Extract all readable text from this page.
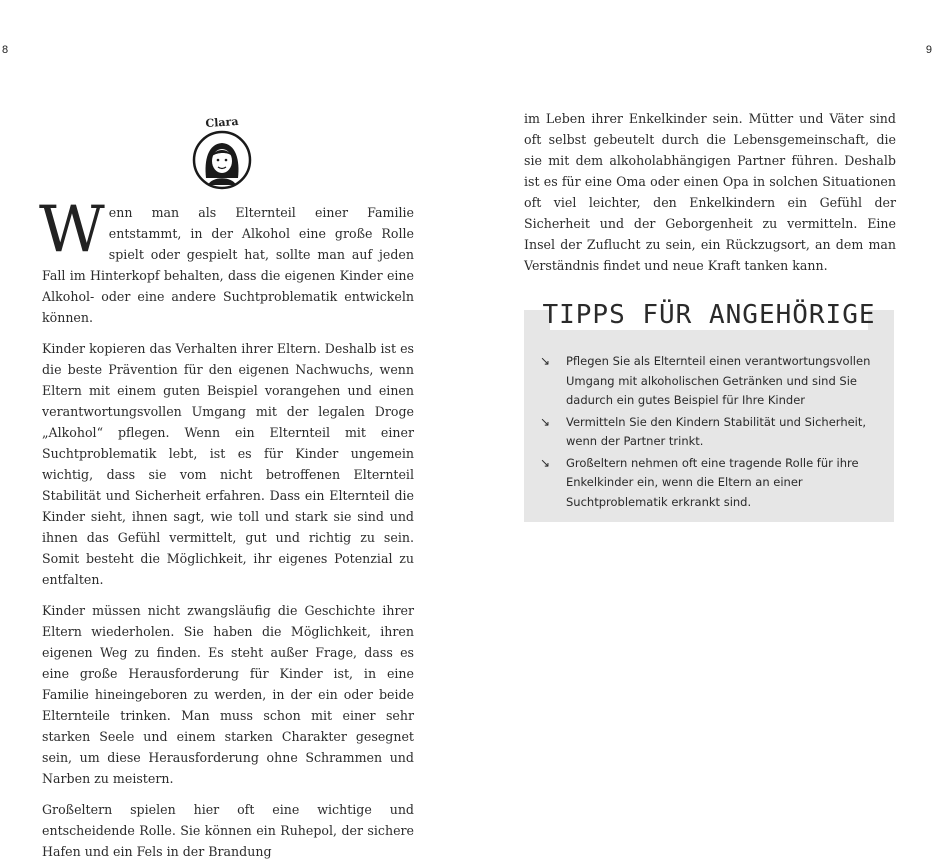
8	9
Clara

Wenn man als Elternteil einer Familie entstammt, in der Alkohol eine große Rolle spielt oder gespielt hat, sollte man auf jeden Fall im Hinterkopf behalten, dass die eigenen Kinder eine Alkohol- oder eine andere Suchtproblematik entwickeln können.

Kinder kopieren das Verhalten ihrer Eltern. Deshalb ist es die beste Prävention für den eigenen Nachwuchs, wenn Eltern mit einem guten Beispiel vorangehen und einen verantwortungsvollen Umgang mit der legalen Droge „Alkohol“ pflegen. Wenn ein Elternteil mit einer Suchtproblematik lebt, ist es für Kinder ungemein wichtig, dass sie vom nicht betroffenen Elternteil Stabilität und Sicherheit erfahren. Dass ein Elternteil die Kinder sieht, ihnen sagt, wie toll und stark sie sind und ihnen das Gefühl vermittelt, gut und richtig zu sein. Somit besteht die Möglichkeit, ihr eigenes Potenzial zu entfalten.

Kinder müssen nicht zwangsläufig die Geschichte ihrer Eltern wiederholen. Sie haben die Möglichkeit, ihren eigenen Weg zu finden. Es steht außer Frage, dass es eine große Herausforderung für Kinder ist, in eine Familie hineingeboren zu werden, in der ein oder beide Elternteile trinken. Man muss schon mit einer sehr starken Seele und einem starken Charakter gesegnet sein, um diese Herausforderung ohne Schrammen und Narben zu meistern.

Großeltern spielen hier oft eine wichtige und entscheidende Rolle. Sie können ein Ruhepol, der sichere Hafen und ein Fels in der Brandung

im Leben ihrer Enkelkinder sein. Mütter und Väter sind oft selbst gebeutelt durch die Lebensgemeinschaft, die sie mit dem alkoholabhängigen Partner führen. Deshalb ist es für eine Oma oder einen Opa in solchen Situationen oft viel leichter, den Enkelkindern ein Gefühl der Sicherheit und der Geborgenheit zu vermitteln. Eine Insel der Zuflucht zu sein, ein Rückzugsort, an dem man Verständnis findet und neue Kraft tanken kann.

TIPPS FÜR ANGEHÖRIGE
↘ Pflegen Sie als Elternteil einen verantwortungsvollen Umgang mit alkoholischen Getränken und sind Sie dadurch ein gutes Beispiel für Ihre Kinder
↘ Vermitteln Sie den Kindern Stabilität und Sicherheit, wenn der Partner trinkt.
↘ Großeltern nehmen oft eine tragende Rolle für ihre Enkelkinder ein, wenn die Eltern an einer Suchtproblematik erkrankt sind.
